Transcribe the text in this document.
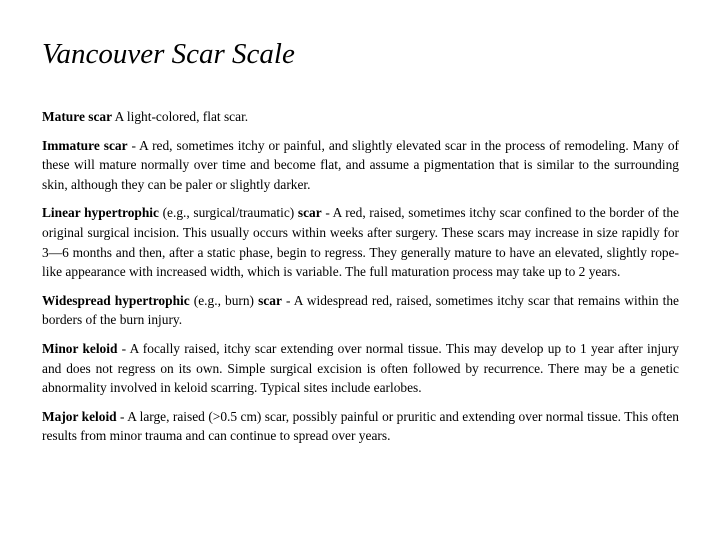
Vancouver Scar Scale

Mature scar A light-colored, flat scar.

Immature scar - A red, sometimes itchy or painful, and slightly elevated scar in the process of remodeling. Many of these will mature normally over time and become flat, and assume a pigmentation that is similar to the surrounding skin, although they can be paler or slightly darker.

Linear hypertrophic (e.g., surgical/traumatic) scar - A red, raised, sometimes itchy scar confined to the border of the original surgical incision. This usually occurs within weeks after surgery. These scars may increase in size rapidly for 3—6 months and then, after a static phase, begin to regress. They generally mature to have an elevated, slightly rope-like appearance with increased width, which is variable. The full maturation process may take up to 2 years.

Widespread hypertrophic (e.g., burn) scar - A widespread red, raised, sometimes itchy scar that remains within the borders of the burn injury.

Minor keloid - A focally raised, itchy scar extending over normal tissue. This may develop up to 1 year after injury and does not regress on its own. Simple surgical excision is often followed by recurrence. There may be a genetic abnormality involved in keloid scarring. Typical sites include earlobes.

Major keloid - A large, raised (>0.5 cm) scar, possibly painful or pruritic and extending over normal tissue. This often results from minor trauma and can continue to spread over years.
